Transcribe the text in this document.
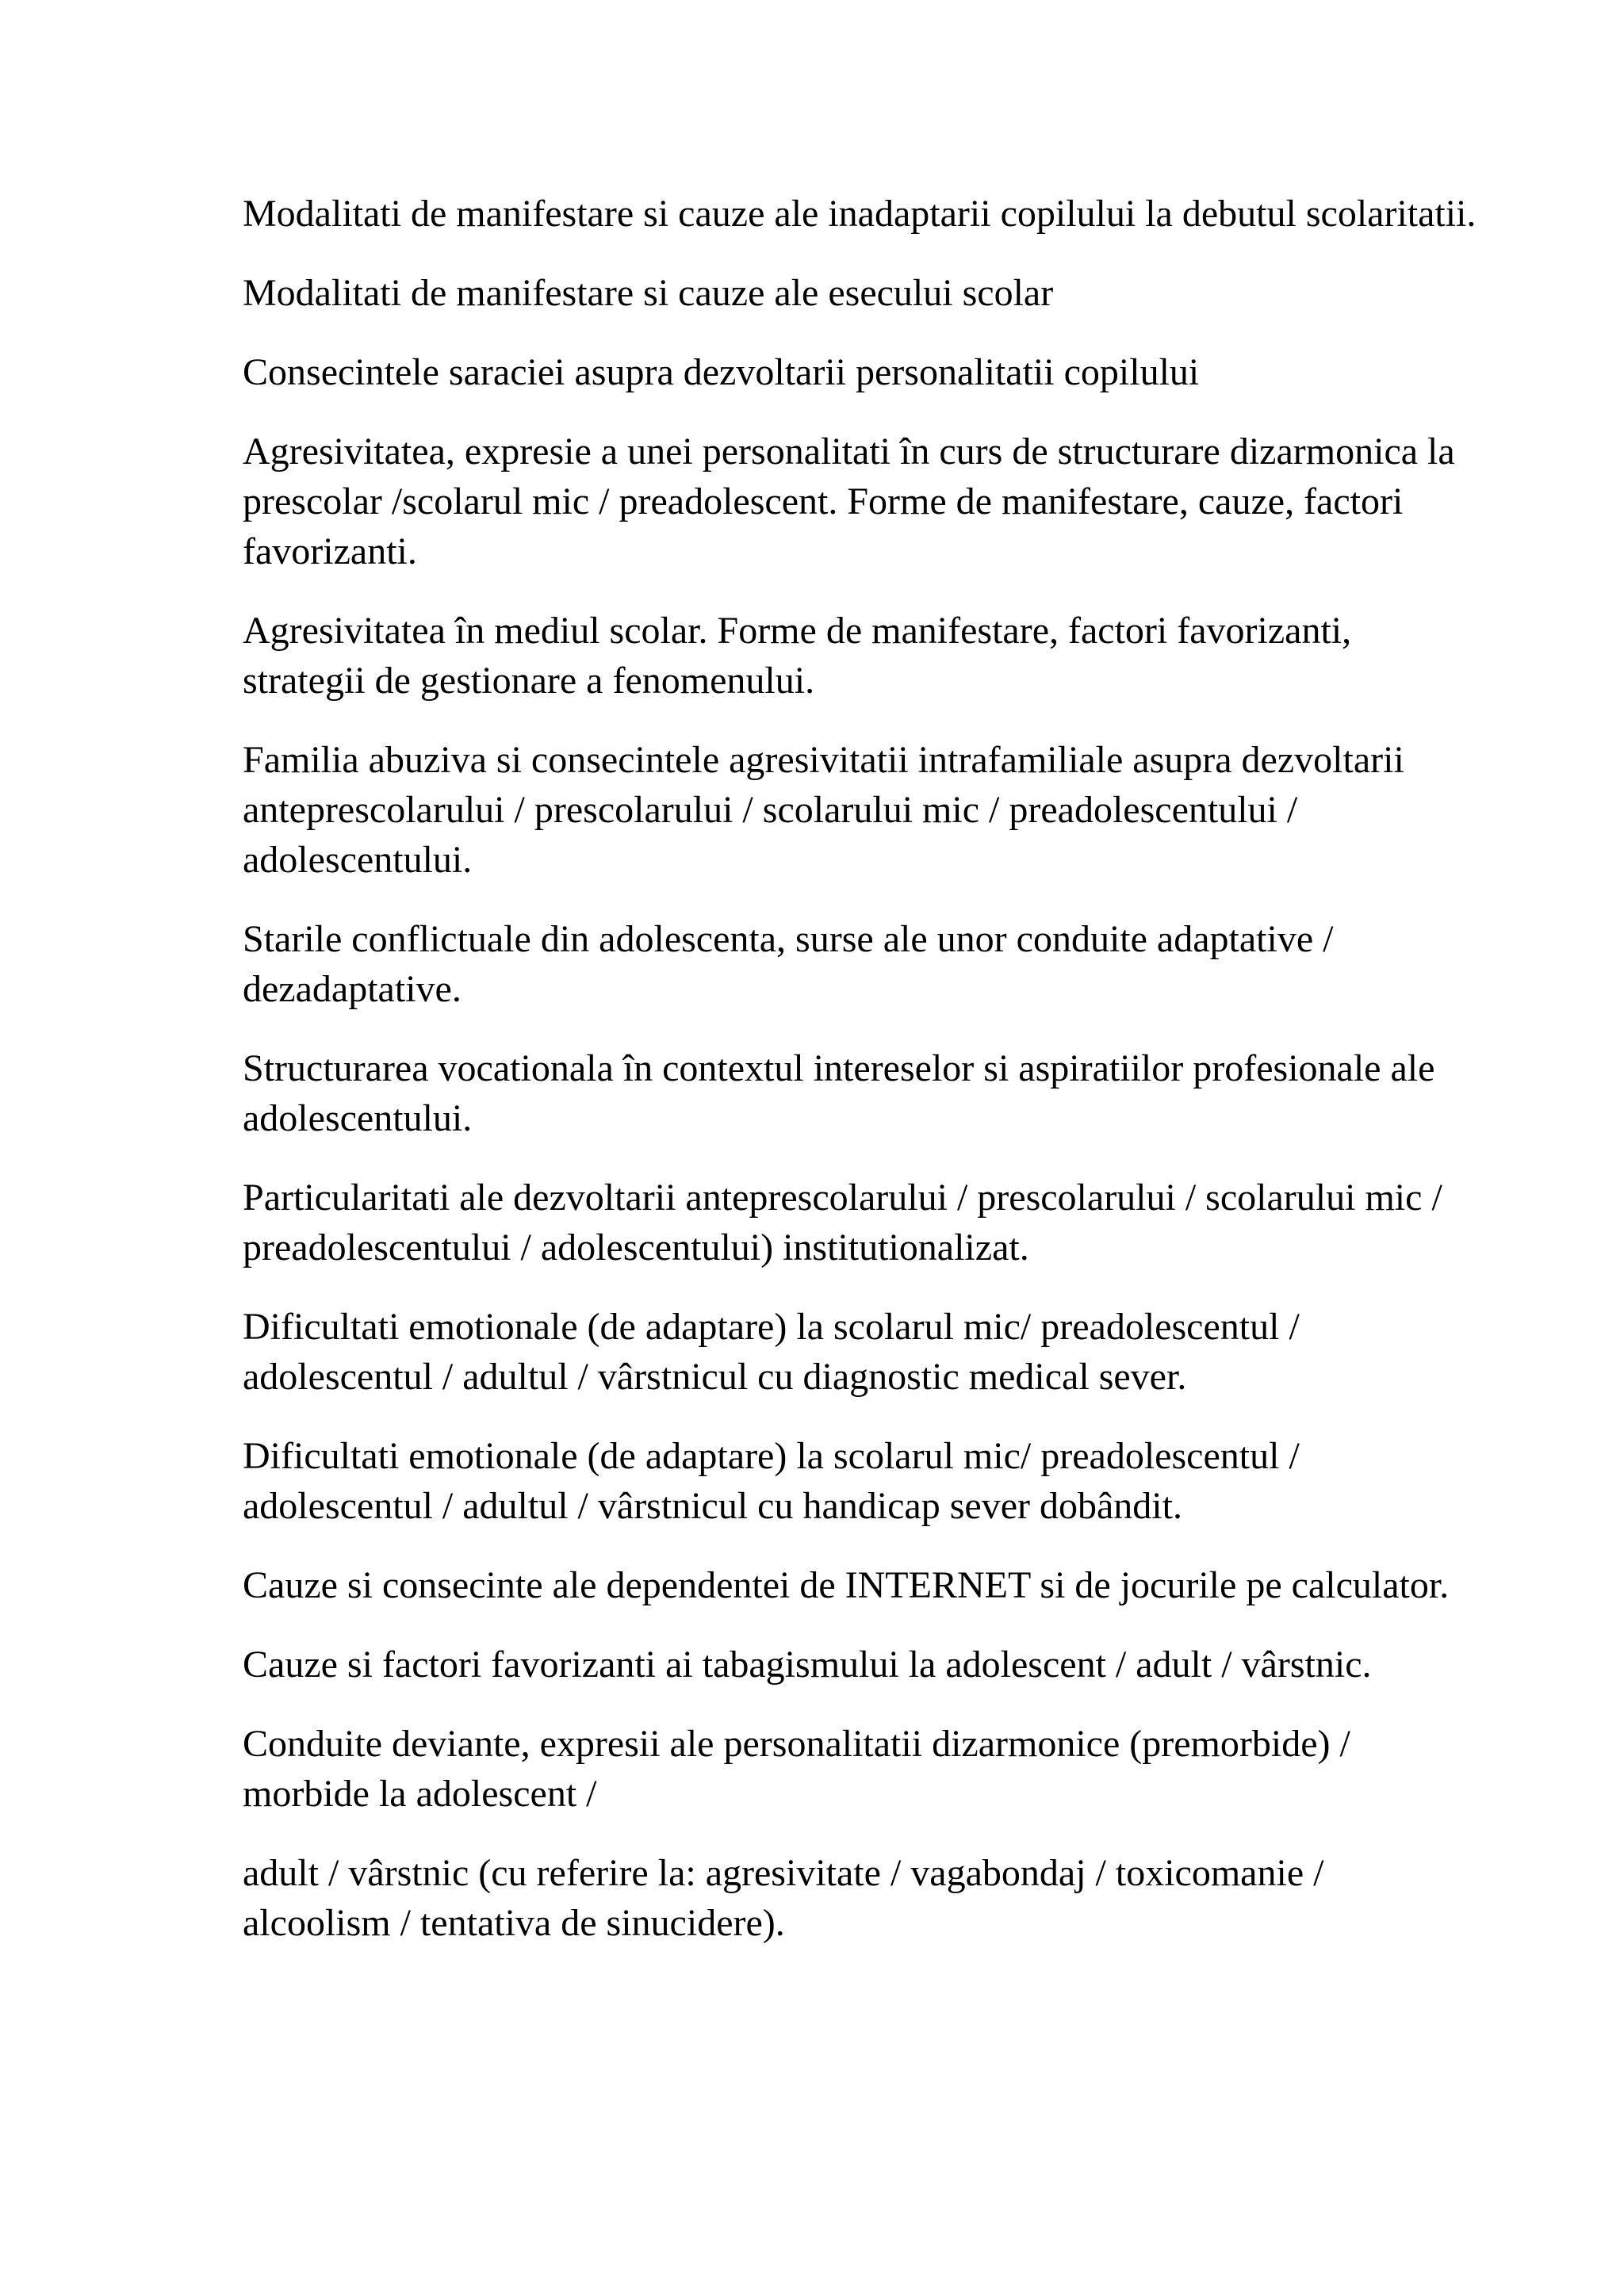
Modalitati de manifestare si cauze ale inadaptarii copilului la debutul scolaritatii.

Modalitati de manifestare si cauze ale esecului scolar

Consecintele saraciei asupra dezvoltarii personalitatii copilului

Agresivitatea, expresie a unei personalitati în curs de structurare dizarmonica la prescolar /scolarul mic / preadolescent. Forme de manifestare, cauze, factori favorizanti.

Agresivitatea în mediul scolar. Forme de manifestare, factori favorizanti, strategii de gestionare a fenomenului.

Familia abuziva si consecintele agresivitatii intrafamiliale asupra dezvoltarii anteprescolarului / prescolarului / scolarului mic / preadolescentului / adolescentului.

Starile conflictuale din adolescenta, surse ale unor conduite adaptative / dezadaptative.

Structurarea vocationala în contextul intereselor si aspiratiilor profesionale ale adolescentului.

Particularitati ale dezvoltarii anteprescolarului / prescolarului / scolarului mic / preadolescentului / adolescentului) institutionalizat.

Dificultati emotionale (de adaptare) la scolarul mic/ preadolescentul / adolescentul / adultul / vârstnicul cu diagnostic medical sever.

Dificultati emotionale (de adaptare) la scolarul mic/ preadolescentul / adolescentul / adultul / vârstnicul cu handicap sever dobândit.

Cauze si consecinte ale dependentei de INTERNET si de jocurile pe calculator.

Cauze si factori favorizanti ai tabagismului la adolescent / adult / vârstnic.

Conduite deviante, expresii ale personalitatii dizarmonice (premorbide) / morbide la adolescent /

adult / vârstnic (cu referire la: agresivitate / vagabondaj / toxicomanie / alcoolism / tentativa de sinucidere).
